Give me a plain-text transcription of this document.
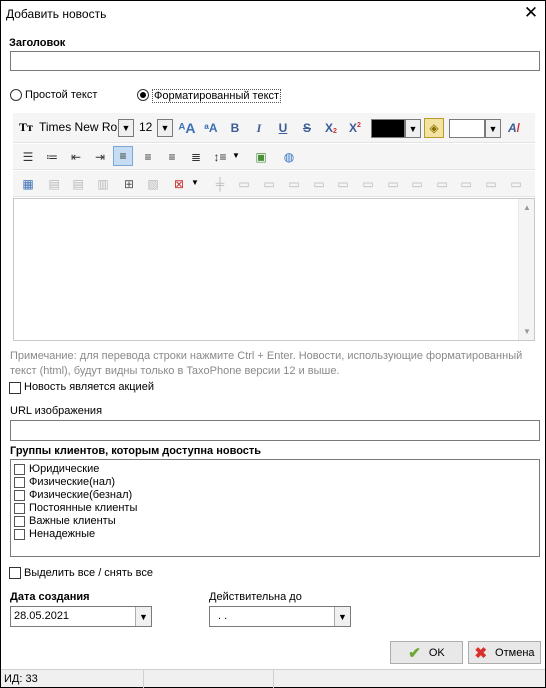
Добавить новость	✕
Заголовок
Простой текст	Форматированный текст
Tт Times New Ro ▼ 12 ▼ ᴬA ᵃA	B	I	U	S	X 2	X 2	▼ ◈	▼ A /
☰	≔	⇤	⇥	≡	≡	≡	≣	↕≡ ▼	▣	◍
▦	▤	▤	▥	⊞	▧	⊠ ▼	╪	▭	▭	▭	▭	▭	▭	▭	▭	▭	▭	▭	▭
▲
▼
Примечание: для перевода строки нажмите Ctrl + Enter. Новости, использующие форматированный
текст (html), будут видны только в TaxoPhone версии 12 и выше.
Новость является акцией
URL изображения
Группы клиентов, которым доступна новость
Юридические
Физические(нал)
Физические(безнал)
Постоянные клиенты
Важные клиенты
Ненадежные
Выделить все / снять все
Дата создания
28.05.2021	▼
Действительна до
. .	▼
✔ OK ✖ Отмена
ИД: 33
